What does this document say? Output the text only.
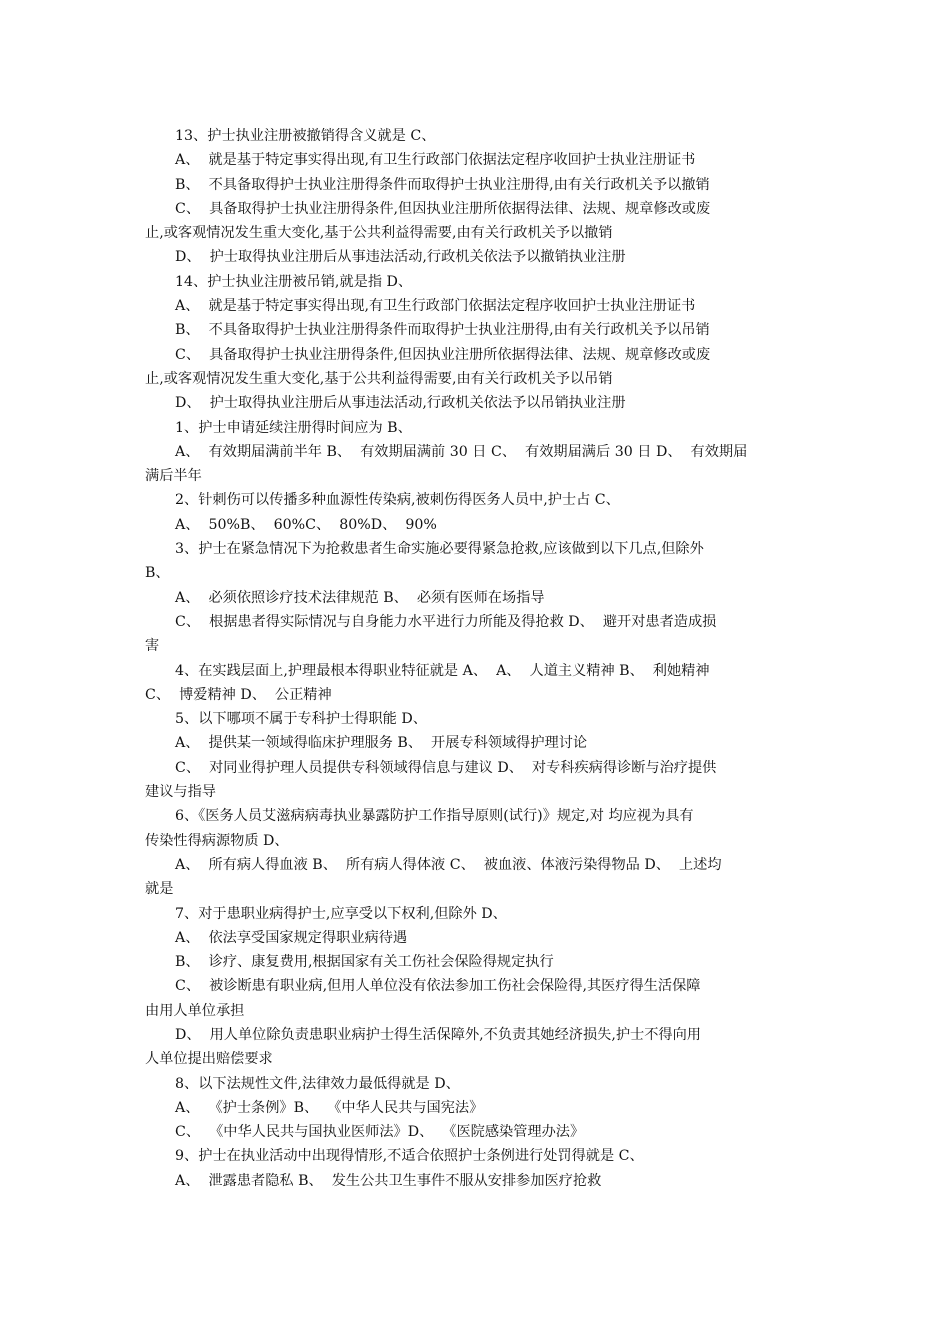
13、护士执业注册被撤销得含义就是 C、
A、  就是基于特定事实得出现,有卫生行政部门依据法定程序收回护士执业注册证书
B、  不具备取得护士执业注册得条件而取得护士执业注册得,由有关行政机关予以撤销
C、  具备取得护士执业注册得条件,但因执业注册所依据得法律、法规、规章修改或废
止,或客观情况发生重大变化,基于公共利益得需要,由有关行政机关予以撤销
D、  护士取得执业注册后从事违法活动,行政机关依法予以撤销执业注册
14、护士执业注册被吊销,就是指 D、
A、  就是基于特定事实得出现,有卫生行政部门依据法定程序收回护士执业注册证书
B、  不具备取得护士执业注册得条件而取得护士执业注册得,由有关行政机关予以吊销
C、  具备取得护士执业注册得条件,但因执业注册所依据得法律、法规、规章修改或废
止,或客观情况发生重大变化,基于公共利益得需要,由有关行政机关予以吊销
D、  护士取得执业注册后从事违法活动,行政机关依法予以吊销执业注册
1、护士申请延续注册得时间应为 B、
A、  有效期届满前半年 B、  有效期届满前 30 日 C、  有效期届满后 30 日 D、  有效期届
满后半年
2、针刺伤可以传播多种血源性传染病,被刺伤得医务人员中,护士占 C、
A、  50%B、  60%C、  80%D、  90%
3、护士在紧急情况下为抢救患者生命实施必要得紧急抢救,应该做到以下几点,但除外
B、
A、  必须依照诊疗技术法律规范 B、  必须有医师在场指导
C、  根据患者得实际情况与自身能力水平进行力所能及得抢救 D、  避开对患者造成损
害
4、在实践层面上,护理最根本得职业特征就是 A、  A、  人道主义精神 B、  利她精神
C、  博爱精神 D、  公正精神
5、以下哪项不属于专科护士得职能 D、
A、  提供某一领域得临床护理服务 B、  开展专科领域得护理讨论
C、  对同业得护理人员提供专科领域得信息与建议 D、  对专科疾病得诊断与治疗提供
建议与指导
6、《医务人员艾滋病病毒执业暴露防护工作指导原则(试行)》规定,对 均应视为具有
传染性得病源物质 D、
A、  所有病人得血液 B、  所有病人得体液 C、  被血液、体液污染得物品 D、  上述均
就是
7、对于患职业病得护士,应享受以下权利,但除外 D、
A、  依法享受国家规定得职业病待遇
B、  诊疗、康复费用,根据国家有关工伤社会保险得规定执行
C、  被诊断患有职业病,但用人单位没有依法参加工伤社会保险得,其医疗得生活保障
由用人单位承担
D、  用人单位除负责患职业病护士得生活保障外,不负责其她经济损失,护士不得向用
人单位提出赔偿要求
8、以下法规性文件,法律效力最低得就是 D、
A、  《护士条例》B、  《中华人民共与国宪法》
C、  《中华人民共与国执业医师法》D、  《医院感染管理办法》
9、护士在执业活动中出现得情形,不适合依照护士条例进行处罚得就是 C、
A、  泄露患者隐私 B、  发生公共卫生事件不服从安排参加医疗抢救
